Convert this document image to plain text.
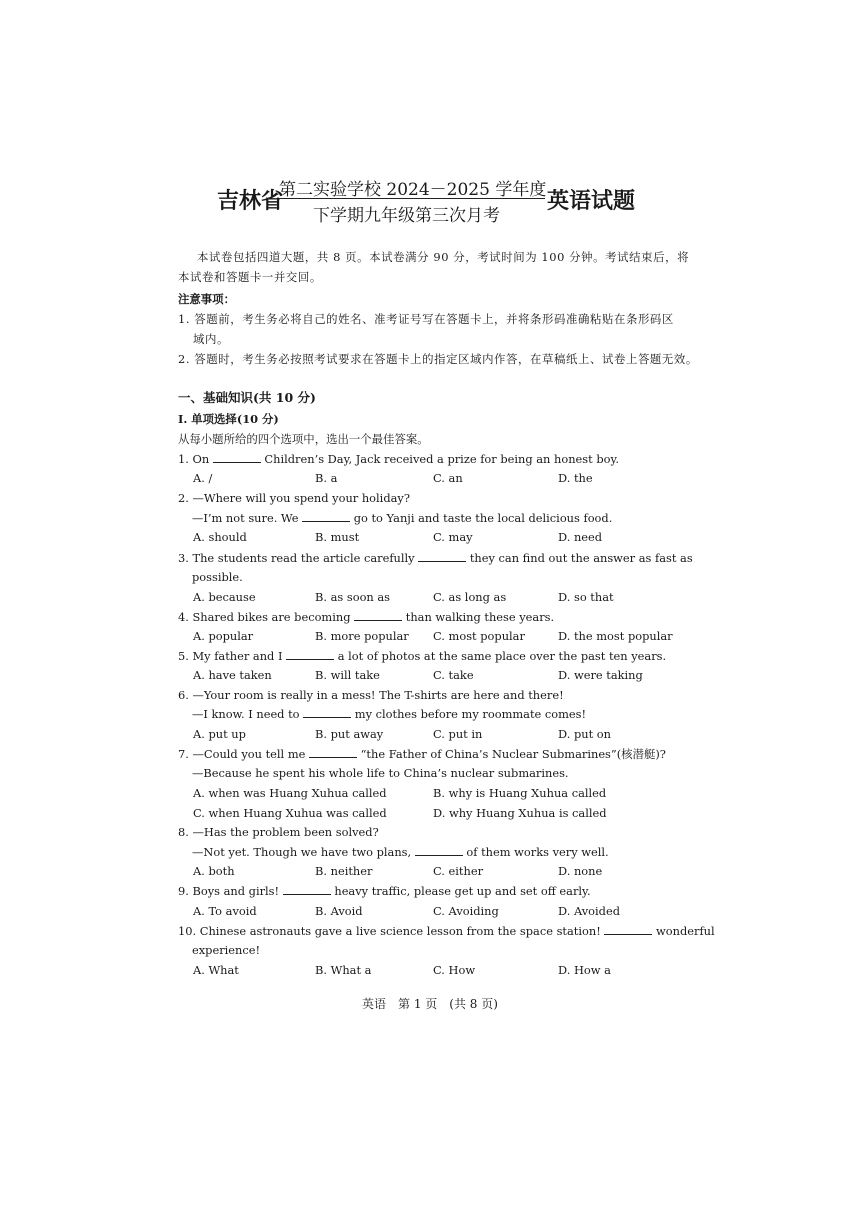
吉林省
第二实验学校 2024－2025 学年度
下学期九年级第三次月考
英语试题
本试卷包括四道大题，共 8 页。本试卷满分 90 分，考试时间为 100 分钟。考试结束后，将
本试卷和答题卡一并交回。
注意事项：
1. 答题前，考生务必将自己的姓名、准考证号写在答题卡上，并将条形码准确粘贴在条形码区
域内。
2. 答题时，考生务必按照考试要求在答题卡上的指定区域内作答，在草稿纸上、试卷上答题无效。
一、基础知识(共 10 分)
Ⅰ. 单项选择(10 分)
从每小题所给的四个选项中，选出一个最佳答案。
1. On	Children’s Day, Jack received a prize for being an honest boy.
A. /	B. a	C. an	D. the
2. —Where will you spend your holiday?
—I’m not sure. We	go to Yanji and taste the local delicious food.
A. should	B. must	C. may	D. need
3. The students read the article carefully	they can find out the answer as fast as
possible.
A. because	B. as soon as	C. as long as	D. so that
4. Shared bikes are becoming	than walking these years.
A. popular	B. more popular C. most popular	D. the most popular
5. My father and I	a lot of photos at the same place over the past ten years.
A. have taken	B. will take	C. take	D. were taking
6. —Your room is really in a mess! The T-shirts are here and there!
—I know. I need to	my clothes before my roommate comes!
A. put up	B. put away	C. put in	D. put on
7. —Could you tell me	“the Father of China’s Nuclear Submarines”(核潜艇)?
—Because he spent his whole life to China’s nuclear submarines.
A. when was Huang Xuhua called	B. why is Huang Xuhua called
C. when Huang Xuhua was called	D. why Huang Xuhua is called
8. —Has the problem been solved?
—Not yet. Though we have two plans,	of them works very well.
A. both	B. neither	C. either	D. none
9. Boys and girls!	heavy traffic, please get up and set off early.
A. To avoid	B. Avoid	C. Avoiding	D. Avoided
10. Chinese astronauts gave a live science lesson from the space station!	wonderful
experience!
A. What	B. What a	C. How	D. How a
英语　第 1 页　(共 8 页)
